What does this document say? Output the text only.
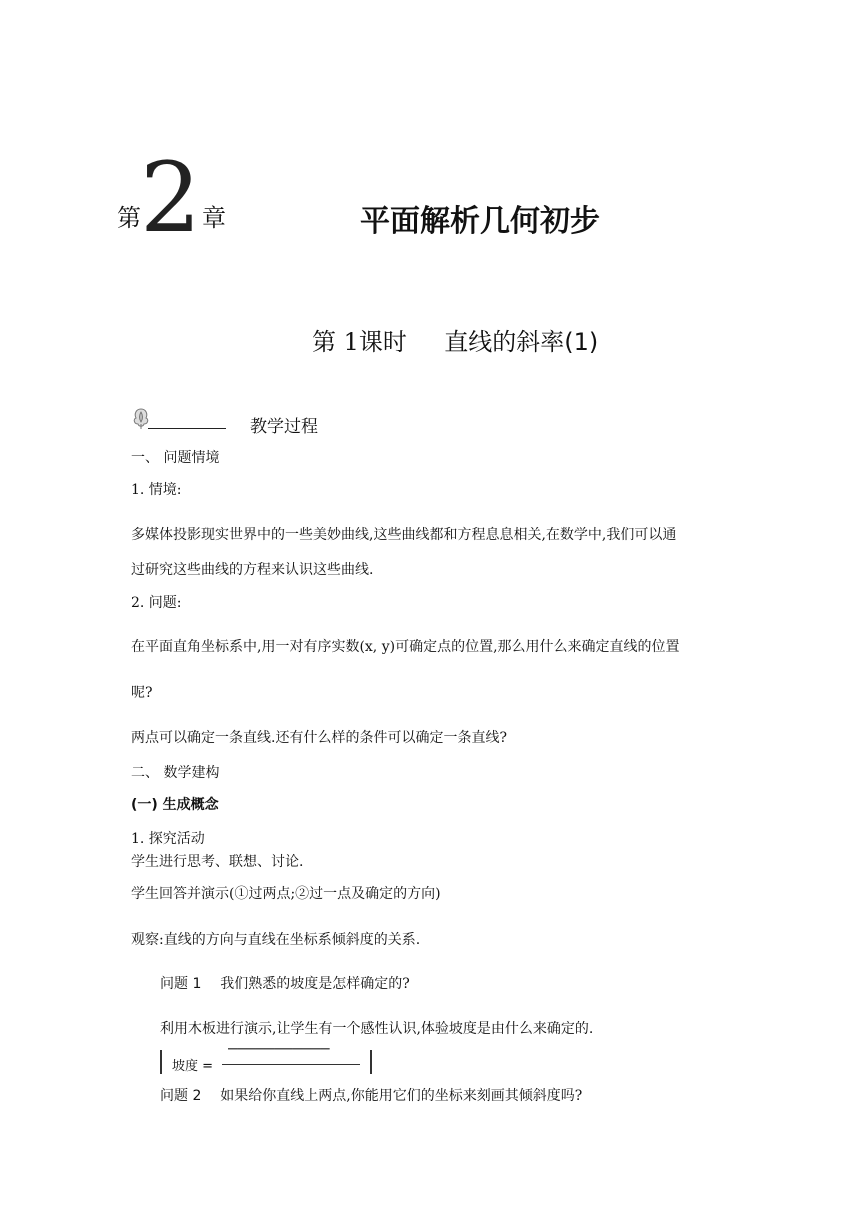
第 2 章	平面解析几何初步
第 1课时 直线的斜率(1)
教学过程
一、 问题情境
1. 情境:
多媒体投影现实世界中的一些美妙曲线,这些曲线都和方程息息相关,在数学中,我们可以通
过研究这些曲线的方程来认识这些曲线.
2. 问题:
在平面直角坐标系中,用一对有序实数(x, y)可确定点的位置,那么用什么来确定直线的位置
呢?
两点可以确定一条直线.还有什么样的条件可以确定一条直线?
二、 数学建构
(一) 生成概念
1. 探究活动
学生进行思考、联想、讨论.
学生回答并演示(①过两点;②过一点及确定的方向)
观察:直线的方向与直线在坐标系倾斜度的关系.
问题 1 我们熟悉的坡度是怎样确定的?
利用木板进行演示,让学生有一个感性认识,体验坡度是由什么来确定的.
坡度 =
▔▔▔▔▔▔▔▔▔▔▔
问题 2 如果给你直线上两点,你能用它们的坐标来刻画其倾斜度吗?
